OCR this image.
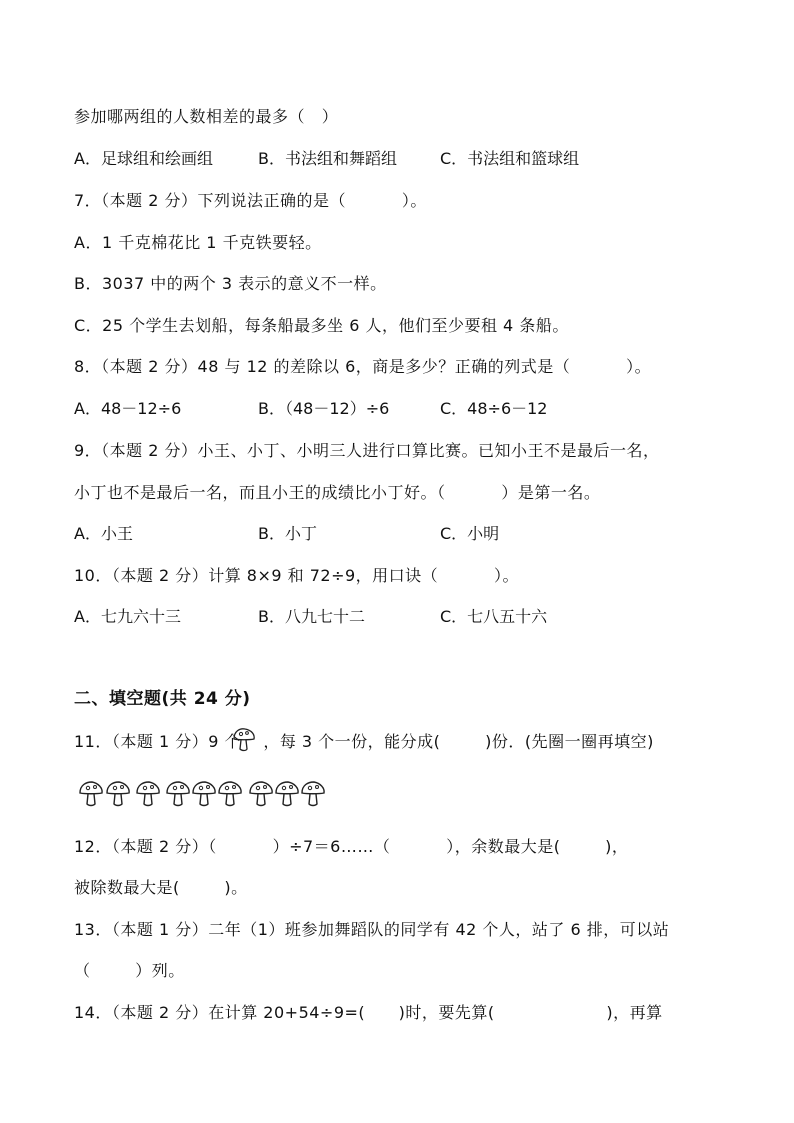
参加哪两组的人数相差的最多（   ）

A．足球组和绘画组

	B．书法组和舞蹈组

	C．书法组和篮球组

7．（本题 2 分）下列说法正确的是（          ）。
A．1 千克棉花比 1 千克铁要轻。
B．3037 中的两个 3 表示的意义不一样。
C．25 个学生去划船，每条船最多坐 6 人，他们至少要租 4 条船。
8．（本题 2 分）48 与 12 的差除以 6，商是多少？正确的列式是（          ）。

A．48－12÷6

	B．（48－12）÷6

	C．48÷6－12

9．（本题 2 分）小王、小丁、小明三人进行口算比赛。已知小王不是最后一名，
小丁也不是最后一名，而且小王的成绩比小丁好。（          ）是第一名。

A．小王

	B．小丁

	C．小明

10．（本题 2 分）计算 8×9 和 72÷9，用口诀（          ）。

A．七九六十三

	B．八九七十二

	C．七八五十六

二、填空题(共 24 分)
11．（本题 1 分）9 个    ，每 3 个一份，能分成(        )份．(先圈一圈再填空)
12．（本题 2 分）（          ）÷7＝6……（          ），余数最大是(        )，
被除数最大是(        )。
13．（本题 1 分）二年（1）班参加舞蹈队的同学有 42 个人，站了 6 排，可以站
（        ）列。
14．（本题 2 分）在计算 20+54÷9=(      )时，要先算(                    )，再算
